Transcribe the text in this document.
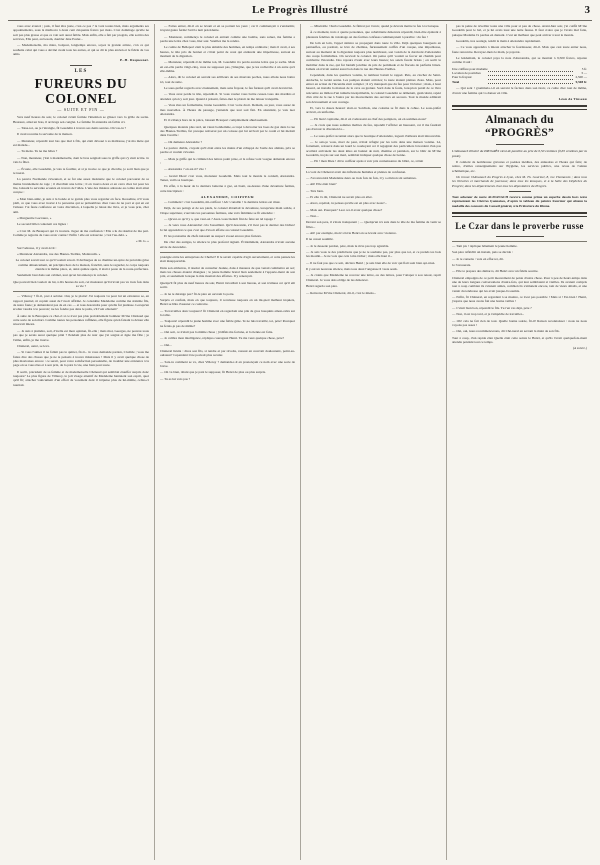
Le Progrès Illustré	3

vous avez avancé ; puis, il faut être juste, c'est-ce pas ? la voix toutes bien, mais arguments ses appointements, sous la médiocre à deux cent cinquante francs par mois. C'est dommage qu'elle ne soit pas plus grasse et que ce voit soit aussi faible. Mais enfin, elle a fait par progrès, elle sortira des services, Elle peut, au besoin, doubler Jane Essler...

— Mademoiselle, ma mère, bonjour, longtemps encore, soyez la grande artiste, c'en ce qui souhaite celui qui vous a deviné avant tous les autres, et qui se dit le plus ancien et le fidèle de vos amis.

P.-H. Duquesnel.
LES
FUREURS DU COLONEL
— SUITE ET FIN —

Vers neuf heures du soir, le colonel s'était fermée l'intention se glisser vers la grille de sortie. Heureux, ainsi un bras, il arrivage sen conglet. Le femme fit entendre un faible cri.

— Taise-toi, ou je t'étrangle, fit Goudelin à travers ses dents serrées. Où vas-tu ?

Il avait reconnu la servante de la maison.

— Monsieur, répondit tout bas que mal à fils, qui était dévoué à sa maîtresse, j'ai ma mère qui est malade...

— Tu mens. Tu ne me bêtes ?

— Non, monsieur, j'irai à mademoiselle, dont le bras seignait sous la griffe qui s'y était écrite. Je vais la fêter.

— Écoute, elle Goudelin, je vais te fouiller, et si je trouve ce que je cherche, je sorti bien que je te tuerai.

La pauvre Normande s'éveunoit, et se fut une assez insistante que le colonel parcourut de sa maine brutalement de rage ; il cherchait une lettre ; il en trouva deux et en carra chez lui pour les lire, laissant la servante ecoutée en travers de l'allée. L'une des misères adressée au comte était ainsi conçue :

« Mon bien-aimé, je suis à la bonde et te garnis plus vous regarder en face. Rosseline, n'il vous plaît, ce que vous avez trouvé à la personne qui se prénombres chez vous de ne port et qui en est l'amour. J'ai faute confiance en votre discrétion, à laquelle je laissé me livre, et je vous prie, cher ami.

« Marguerite Gocraure, »

Le second billet contenait ces lignes :

« C'est M. de Beauport qui t'a trouvée. Jugez de ma confusion ! Elle a lu du résultat de ma part. Comme je regrette de vous avoir connu ! Enfin ! elle est retrouvée ; c'est l'au-delà. »

« M. G. »

Sur l'adresse, il y avait écrit :

« Monsieur Alexandre, rue des Hautes-Treilles, Montreuils. »

Le colonel savait tout ce qu'il voulait savoir. Il déchargea de sa chemise un-spire de précédés grise comme dénoncement, un précipita hors de la maison, franchit, sans le regarder, le corps toujours étendu à la même place, et, ainsi quinze après, il était à poste de la route-préfecture.

Seulement basi dans son cabinet, tout qu'on lui annonça la colonel.

Que pouvait bien vouloir de lui, à dix heures du soir, cet monsieur qu'il n'avait pas vu trois fois dans sa vie ?

— Villeroy ? fit-il, pret à sobrier. Oui, je le plaire! J'ai toujours vu pour lui un existence se, en rapport journel, ni copiait aussi de l'avoir affirmé. Je considère Madeleine comme ma sixième fils, de notre faute; je demanderai pas de en ces — et tous descendre pour qu'elle fut jaunisse. Lorsqu'un écolier vaudra à le pouvoir; ne les fondre pas dans le puits, s'il l'ont obtenait?

À suite de la Baroquée ce chat-ci si ce n'est pas plus probablement bonheur M^me Chénaud que cette sorte de son mari. Comme toutes les personnes raffinées, elle figure qu'en faisant ta détour elle résorvait mieux.

— Je suis à plaindre, soit, d'icelle est mon opinion, fit-elle ; mais moi, Georges, ne pouvez-vous pas que je serais aussi quelque pitié ? Pendant plus de noir que j'ai soigné et âgée ma fille ; je l'aime, enfin, je me trouve.

Chéneral, outré, se leva.

— Si vous l'aimez il ne fallait pas le quitter, fit-il... Je vous demande pardon, Clotilde ; vous me faites dire des choses que je ne te pensais à trouve miséreuses ! Mais il y avait quelque chose de plus mauvaises encore : ce serait, pour votre satisfaction personnelle, de troubler une existence à la page où se vous êtes et à son prix, de la paix la vie, une bien pour toute.

Il sortit, précédent de sa femme et de mademoiselle Chénaud qui semblait étouffer surpris donc toujours? Le plus figure de Villeroy, le joli visage attentif de Madeleine hantaient son esprit, quoi qu'il fit; attacher vaincument d'un effort de vorement dont il n'épuise plus de lui-même, celles-ci tournait.

— Faites entrer, dit-il en se levant et en se portant les yeux ; car il commençait à s'endormir, n'ayant guère fermé l'œil la nuit précédente.

— Monsieur, commença le colonel en entrant comme une bombe, sans saluer, ma femme a perdu une lettre chez vous, hier soir. Veuillez me la rendre.

Le comte de Belleport était le plus aimable des hommes, en temps ordinaire ; mais il avait, à ses heures, le tête pris du bonnet et c'était point de ceux qui endurent une impolitesse, surtout au moment de la digestion.

— Monsieur, répondit-il de même ton, M. Goudelin n'a perdu aucune lettre que je sache. Mais en est-elle perdu vingt-cinq, vous ne supposez pas, j'imagine, que je les recherche à un autre qu'à elle-même.

— Alors, dit le colonel en serrant ses artilleurs de ses mauvais poches, nous allons nous battre ici, tout de suite.

Le sous-préfet regarda avec étonnement, mais sans frayeur, le feu furieux qu'il avait devant lui.

— Vous avez perdu la tête, répondit-il. Si vous voulez vous battre cessez-vous des mardins et attendez qu'on y soit jour. Quand à présent, faites-moi le plaisir de me laisser tranquille.

— Vous êtes un formalisme, bruna Goudelin. C'est votre droit. Demain, au jour, vous aurez de mes nouvelles. À l'heure du passage, j'entends que tout soit fini. En attendant, je vais tuer Alexandre.

Et il s'élança hors de la pièce, laissant Bcauport complètement ahurissement.

Quelques instants plus tard, un vieux bonhomme, occupé à décrotter les boes de gaz dans la rue des Hautes-Treilles, fut presque renversé par un colosse qui lui arrivait par le coulé et lui mettait dans l'oreille :

— Où demeure Alexandre ?

Le pauvre diable, croyant qu'il était entre les mains d'un échappé de l'asile des aliénés, prix se perdre et voulait s'évader.

— Mais je griffe qui le criminel des lettres point prise, et le refuse voix vosgue demande encore :

— Alexandre ? où est-il? vite !

— Grand Dieu! c'est vous, monsieur Goudelin. Mais tout le monde le connaît, Alexandre. Tenez, voilà sa boutique.

En effet, à la lueur de la derniers lanterne à gaz, on lisait, au-dessus d'une devanture fermée, cette inscription :

ALEXANDRE, COIFFEUR

— Comment ! c'est Goudelin, mi-coiffeur ! Ah ! canaille ! la dernière lettres est rinsé.

Déjà, de ses poings et de ses pieds, le colonel ébranlait la devanture, lorsqu'une main solide, à l'étape supérieur, s'ouvrais les personnes fermées, une voix féminine se fit entendre :

— Qu'est-ce qu'il y a, que veut-on ? Avez-vous bientôt fini de faire un tel tapage ?

— Je veux vous Alexandre! cria l'assaillant. Qu'il descende, s'il n'est pas le dernier des lâches! Je lui apprendrai ce que c'est que d'avoir affaire au colonel Goudelin.

Et les paroissins du chefs naissant au suspect avoué encore plus furieux.

Du côté des auriges, le silence le plus profond régnait. Évidemment, Alexandre n'avait aucune envie de descendre.

protégée entre les entreprises de Chollet? Il le savait capable d'agir ouvertement, et cette pensée les était insupportable.

Dans son embarras, il résolut de consulter Jeanne, dans à mesures de que venait commettre en soi; mais les choses étaient changées ; le jeune homme brutal bien seulement à l'apparte-ment de son prix, et seulement lorsque la mie montait des affaires. Il y renonçait.

Quelqu'il fit plus de neuf heures du soir, Henri travaillait à son bureau, et son n'amusa cet qu'il eût sortir.

— Je ne te dérange pas? fit-le père en ouvrant la porte.

Surpris et confuté, mais en que toujours, il reculasse toujours en un mi-pied malheur inquiets, Henri se hâta d'assurer ce contraire.

— Ta travailles donc toujours? fit Chéneral en regardant une pile de gros bouquins amon-celés sur la table.

— Toujours! répondit le jeune homme avec une faible gêne. Te ne luis travaillé, toi, père! Pourquoi ne ferais-je pas de même?

— Oui soit, ce n'était pas la même chose ; j'édifiés ma fortune, et la tienne est faite.

— Je calibre mon intelligence, répliqua courageux Henri. Tu me veux quelque chose, père?

— Oui...

Chéneral hésita : dires son fils, si tendre et par révolte, rassaut en couvrait doulourenx, point-su-oulsieur? Cependant il ne pouvait plus reculer.

— Sais-tu comment se va, chez Villeroy ? demanda-t-il en prononçant ce nom avec une sorte de brave.

— On va bien, rêtant que je paix le supposer, fit Henri de plus ou plus surpris.

— Tu as lui vois pas ?

— Misérable ! hurla Goudelin. Je finirai par t'avoir, quand je devrais mettre le feu à ta baraque.

À ce moment, trois à quatre personnes, que cohabitante dénoncée répondit, bien-être épièrent à plusieurs fenêtres du voisinage où des formes confuses commençaient à paraître : du feu !

De loin en loin, l'appel sinistre se propagent dans toute la ville. Déjà quelques bourgeois en pantoufles, ou parétait, se lève de chemise, furieusement coiffés d'un casque, une impolitesse, surtout au moment de la digestion toujours plus nombreux, son voisin de la durcirent d'Alexandre des coups formidables. On recevait le colonel. On pensa qu'il voulait se forcer un chemin pour combattre l'incendie. Dos rayeurs rivant avec leurs hautes; les seiels furent brisés ; on sortit le mobilier dans la rue, qui fut bientôt jonchée de pris de pommade et de flacons de parfums brisés. Jamais on n'avait assisté aussi bon dans la rue des Hautes-Treilles.

Cependant, dans les quartiers voisins, le tambour battait le rappel. Puis, au clocher de Saint-Andoche, le tocsin sonna. Les pompes étaient arrivées; la toute étaient pleines d'eau. Mais, pour entrer en action de l'incendie était complet ; il n'y manquait que du feu pour l'éclairer ; mais, à bout hasard, on installa la maison de la cave au grenier. Sorti dans la foule, lorsqu'on paraît de ce livre rencontre au milieu d'un tumulte inexprimable, le colonel Goudelin se démenait, gesticulant, rejeté d'un côté de la rue à l'autre par les mouvements des ouvriers en secours. Tout le monde admirait son dévouement et son courage.

Et, vers la douze heures! était-ce Soichois, une colonne se fit dans la cohue. Le sous-préfet arrivait, en uniforme.

— Eh bien! capitaine, dit-il en s'adressant au chef des pompiers, où en sommes-nous?

— Je crois que nous sommes maîtres du feu, répondit l'officier en haussant, car il me faudrait pas d'erreur la diversion la...

— Le sous-préfet reconnut alors que la boutique d'Alexandre, logeait d'ailleurs était introuvable.

— Je sais-je vous, mort de peur, n'était réfugié par les toits dans une maison voisine. Là, fortement, retrouvé dans un lourd le coudoyant cet il regagnait des particuliers bavardant d'un pas accéléré arrivaient les deux kilos en bonnet de nuit, chemise et pantalon, sur le bâtir de M^me Goudelin, troyés sur son mari, semblait indiquer quelque chose de bonne.

— Eh ! mon Dieu ! dit le coiffeur après à voir pris connaissance du billet, ce, s'était

La voix de Chéneral avait des inflexions humides et pleines de confusion.

— J'ai rencontré Madeleine deux ou trois fois de fois, il y a environ six semaines.

— Ah! Elle était bien?

— Très bien.

— Et elle t'a dit, Chéneral ne savait plus où aller.

— Alors, repétait, tu penses qu'elle est en plus avec nous?...

— Mais oui. Pourquoi? Lear cet-il avoir quelque chose?

— Non...

Devant son pere, il s'étais transparent ; — Quelqu'un n'a suis dans le tête de ma femme de venir se filles...

— Ah! par exemple, mon! s'écria Henri en se levant avec violence.

Il ne cessai soumilé.

— Je le deseede pardon, père, mais tu m'as pas trop agréable.

— Je sais vous te des prédictions que je ne te souhaite pas, par plus que toi, et ce prends tes bois les moulin... Je ne vois que cela à ma tâcher ; mais elle haut il...

— Il ne faut pas que ce soit, déclara Henri ; je sais bien elle de voir qui fiait sont bien opi-nion.

Il y eut un nouveau silence, mais tous deux l'angoisse il vaste seuls.

— Je crains que Madeleine ne recevez une lettre, ou des lettres, pour l'attaper à sou retour, reprit Chéneral. Je vous dois oblige de les dénoncer.

Henri regarda son père.

— Renverse M^me Chéneral, dit-il, c'est le miens...

pas la peine de réveiller toute une ville pour si peu de chose. Avant-hier soir, j'ai coiffé M^me Goudelin pour le bal, et je lui avais loué une natte fausse. Il faut croire que je l'avais mal faite, puisque Madame l'a perdue en dansant. C'est un malheur que peut arriver à tout le monde.

Goudelin, tres soulagé, tendit la main à Alexandre rapidement.

— Ce vous apprendra à mieux attacher la fournisseur, dit-il. Mais que cesi toute entier nous, faute rencontre. Reveyez-mois le main, je payerai.

Le lendemain, le colonel paya la note d'Alexandre, qui se montait à 9,500 francs, réparée comme il suit :

Une coiffure pour madame		5 fr.
Location de postiches		3 —
Pour la frayeur		2,500 —
Total		9,508 fr.

— Qui sont ! grommela-t-il en serrant le facture dans son tiroir, ce coûte cher tout de même, d'avoir une femme qui va danser en ville.

Léon de Tinseau
Almanach du “PROGRÈS”

L'Almanach Illustré du PROGRÈS vient de paraître au prix de 0,50 centimes (0,65 centimes par la poste).

Il contient de nombreuse gravures et poésies inédites, des annuaires et l'heure qui faits; de rentre, d'utiles renseignements sur l'hygiène, les services publics, une revue de l'année schématique, etc.

On trouve l'Almanach du Progrès à Lyon, chez M. Th. Gourmer, 8, rue Thomassin ; dans tous les libraires et marchands de journaux; dans tous les kiosques, et à la Salle des Dépêches du Progrès; dans les départements chez tous les dépositaires du Progrès.

Tout acheteur de notre ALMANACH recevra comme prime un superbe dessin hors texte représentant les Chèvres lyonnaises, d'après le tableau du peintre Fournier qui obtenu la medaille des concours du Conseil général, à la Préfecture du Rhône.

Le Czar dans le proverbe russe

— Tant pis ! réplique bêtement le jeune homme.

Son père réfléchit un instant, puis se décida :

— Je te consens : vois en efforcer, dit.

Je l'avouerais.

— Elle te prepara des démarcs, dit Henri avec un fidèle sourire.

Chéneral empoigna de ce petit mouvement de pente d'autre chose. Pour à peu de heurt-temps dans une de leurs longues conversations d'autre-fois, qui leur semblaient si vieilles. Ils avaient compris tout à coup combien ils s'étaient aimés, combien ils s'aimaient encore, tant de vieux détails, et une venait du tendresse qui les avait jusque-là soumis.

— Enfin, fit Chéneral, en regardant à sa montre, ce n'est pas possible ! Mais si ! Est-bien ! Henri, j'espère que nous avons fait une bonne veillée !

— C'était bien bon, répondit le fils. Tu t'en vas déjà, père ?

— Non, il est trop tard, et je t'empêche de travailler...

— Oh! cela ne fait rien de tout. Quelle bonne soirée, fit-il! Raison reconnaisser : nous ne nous voyons pas assez !

— Oui, oui, nous recommencerons, dit Ché-neral en serrant la main de son fils.

Tout à coup, d'un rapide élan Quelle était cette soirée le Henri, et qu'ils l'avait quelquefois-ment attendu pendant tout ce temps.

(A suivre.)
